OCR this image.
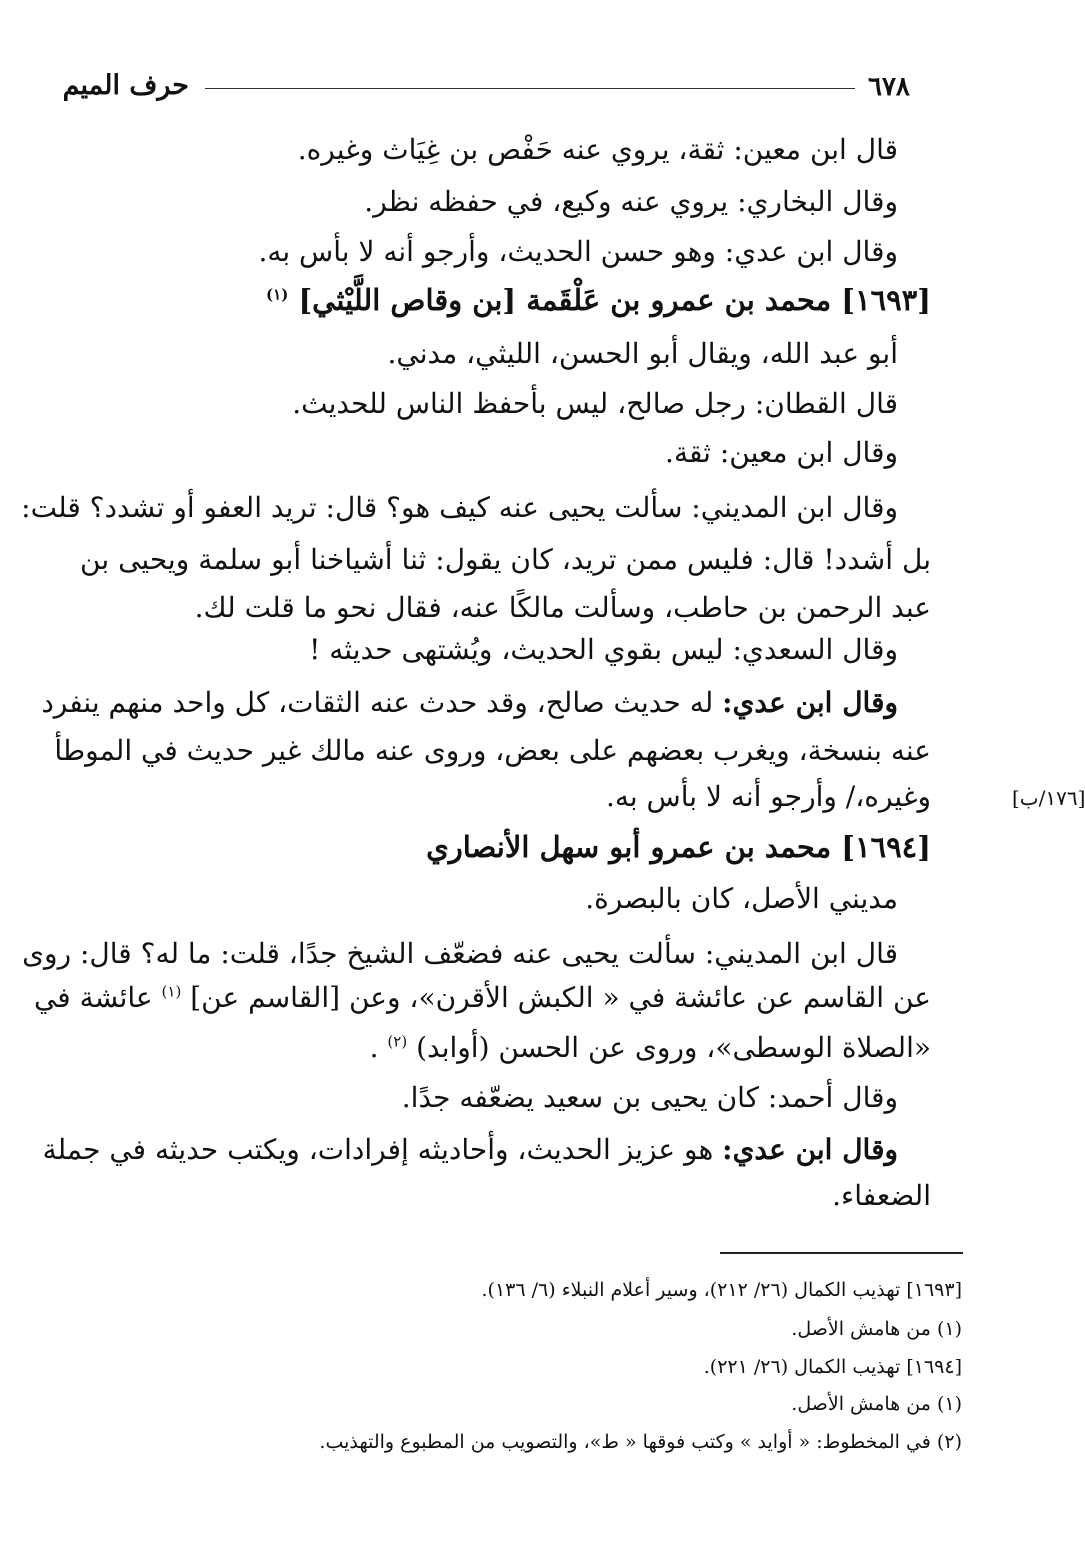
حرف الميم	٦٧٨
قال ابن معين: ثقة، يروي عنه حَفْص بن غِيَاث وغيره.
وقال البخاري: يروي عنه وكيع، في حفظه نظر.
وقال ابن عدي: وهو حسن الحديث، وأرجو أنه لا بأس به.
[١٦٩٣] محمد بن عمرو بن عَلْقَمة [بن وقاص اللَّيْثي] $^{(١)}$
أبو عبد الله، ويقال أبو الحسن، الليثي، مدني.
قال القطان: رجل صالح، ليس بأحفظ الناس للحديث.
وقال ابن معين: ثقة.
وقال ابن المديني: سألت يحيى عنه كيف هو؟ قال: تريد العفو أو تشدد؟ قلت:
بل أشدد! قال: فليس ممن تريد، كان يقول: ثنا أشياخنا أبو سلمة ويحيى بن
عبد الرحمن بن حاطب، وسألت مالكًا عنه، فقال نحو ما قلت لك.
وقال السعدي: ليس بقوي الحديث، ويُشتهى حديثه !
وقال ابن عدي: له حديث صالح، وقد حدث عنه الثقات، كل واحد منهم ينفرد
عنه بنسخة، ويغرب بعضهم على بعض، وروى عنه مالك غير حديث في الموطأ
وغيره،/ وأرجو أنه لا بأس به.	[١٧٦/ب]
[١٦٩٤] محمد بن عمرو أبو سهل الأنصاري
مديني الأصل، كان بالبصرة.
قال ابن المديني: سألت يحيى عنه فضعّف الشيخ جدًا، قلت: ما له؟ قال: روى
عن القاسم عن عائشة في « الكبش الأقرن»، وعن [القاسم عن] $^{(١)}$ عائشة في
«الصلاة الوسطى»، وروى عن الحسن (أوابد) $^{(٢)}$ .
وقال أحمد: كان يحيى بن سعيد يضعّفه جدًا.
وقال ابن عدي: هو عزيز الحديث، وأحاديثه إفرادات، ويكتب حديثه في جملة
الضعفاء.
[١٦٩٣] تهذيب الكمال (٢٦/ ٢١٢)، وسير أعلام النبلاء (٦/ ١٣٦).
(١) من هامش الأصل.
[١٦٩٤] تهذيب الكمال (٢٦/ ٢٢١).
(١) من هامش الأصل.
(٢) في المخطوط: « أوايد » وكتب فوقها « ط»، والتصويب من المطبوع والتهذيب.
